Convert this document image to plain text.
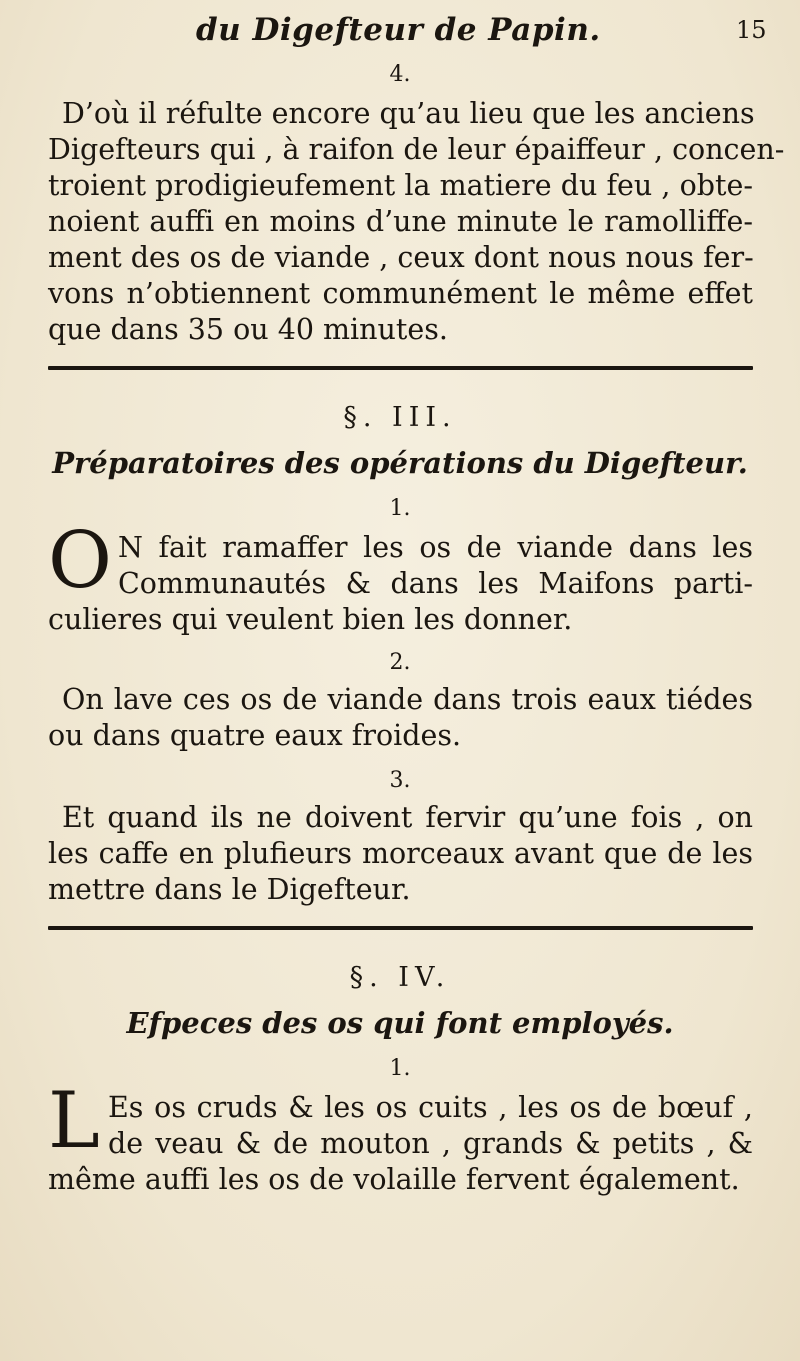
du Digefteur de Papin.	15
4.
D’où il réfulte encore qu’au lieu que les anciens
Digefteurs qui , à raifon de leur épaiffeur , concen-
troient prodigieufement la matiere du feu , obte-
noient auffi en moins d’une minute le ramolliffe-
ment des os de viande , ceux dont nous nous fer-
vons n’obtiennent communément le même effet
que dans 35 ou 40 minutes.
§. III.
Préparatoires des opérations du Digefteur.
1.
O N fait ramaffer les os de viande dans les
Communautés & dans les Maifons parti-
culieres qui veulent bien les donner.
2.
On lave ces os de viande dans trois eaux tiédes
ou dans quatre eaux froides.
3.
Et quand ils ne doivent fervir qu’une fois , on
les caffe en plufieurs morceaux avant que de les
mettre dans le Digefteur.
§. IV.
Efpeces des os qui font employés.
1.
L Es os cruds & les os cuits , les os de bœuf ,
de veau & de mouton , grands & petits , &
même auffi les os de volaille fervent également.
